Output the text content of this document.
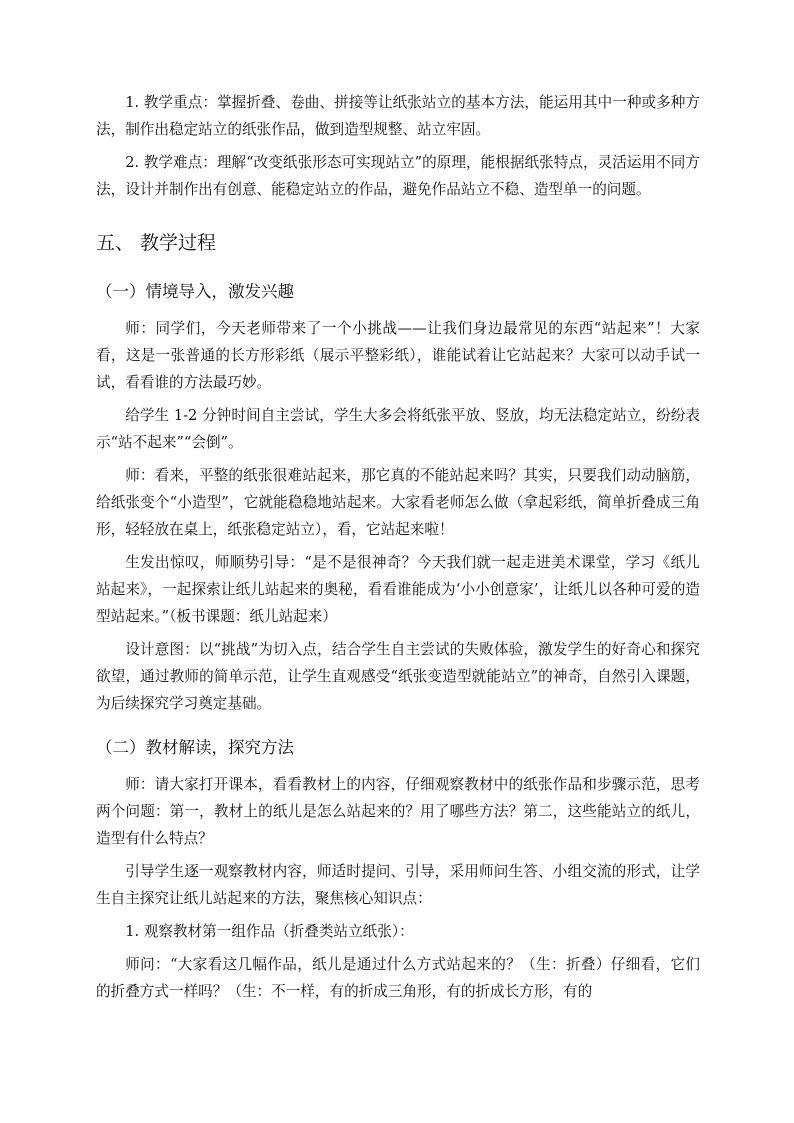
1. 教学重点：掌握折叠、卷曲、拼接等让纸张站立的基本方法，能运用其中一种或多种方法，制作出稳定站立的纸张作品，做到造型规整、站立牢固。

2. 教学难点：理解“改变纸张形态可实现站立”的原理，能根据纸张特点，灵活运用不同方法，设计并制作出有创意、能稳定站立的作品，避免作品站立不稳、造型单一的问题。

五、 教学过程
（一）情境导入，激发兴趣

师：同学们，今天老师带来了一个小挑战——让我们身边最常见的东西“站起来”！大家看，这是一张普通的长方形彩纸（展示平整彩纸），谁能试着让它站起来？大家可以动手试一试，看看谁的方法最巧妙。

给学生 1-2 分钟时间自主尝试，学生大多会将纸张平放、竖放，均无法稳定站立，纷纷表示“站不起来”“会倒”。

师：看来，平整的纸张很难站起来，那它真的不能站起来吗？其实，只要我们动动脑筋，给纸张变个“小造型”，它就能稳稳地站起来。大家看老师怎么做（拿起彩纸，简单折叠成三角形，轻轻放在桌上，纸张稳定站立），看，它站起来啦！

生发出惊叹，师顺势引导：“是不是很神奇？今天我们就一起走进美术课堂，学习《纸儿站起来》，一起探索让纸儿站起来的奥秘，看看谁能成为‘小小创意家’，让纸儿以各种可爱的造型站起来。”（板书课题：纸儿站起来）

设计意图：以“挑战”为切入点，结合学生自主尝试的失败体验，激发学生的好奇心和探究欲望，通过教师的简单示范，让学生直观感受“纸张变造型就能站立”的神奇，自然引入课题，为后续探究学习奠定基础。

（二）教材解读，探究方法

师：请大家打开课本，看看教材上的内容，仔细观察教材中的纸张作品和步骤示范，思考两个问题：第一，教材上的纸儿是怎么站起来的？用了哪些方法？第二，这些能站立的纸儿，造型有什么特点？

引导学生逐一观察教材内容，师适时提问、引导，采用师问生答、小组交流的形式，让学生自主探究让纸儿站起来的方法，聚焦核心知识点：

1. 观察教材第一组作品（折叠类站立纸张）：

师问：“大家看这几幅作品，纸儿是通过什么方式站起来的？（生：折叠）仔细看，它们的折叠方式一样吗？（生：不一样，有的折成三角形，有的折成长方形，有的
